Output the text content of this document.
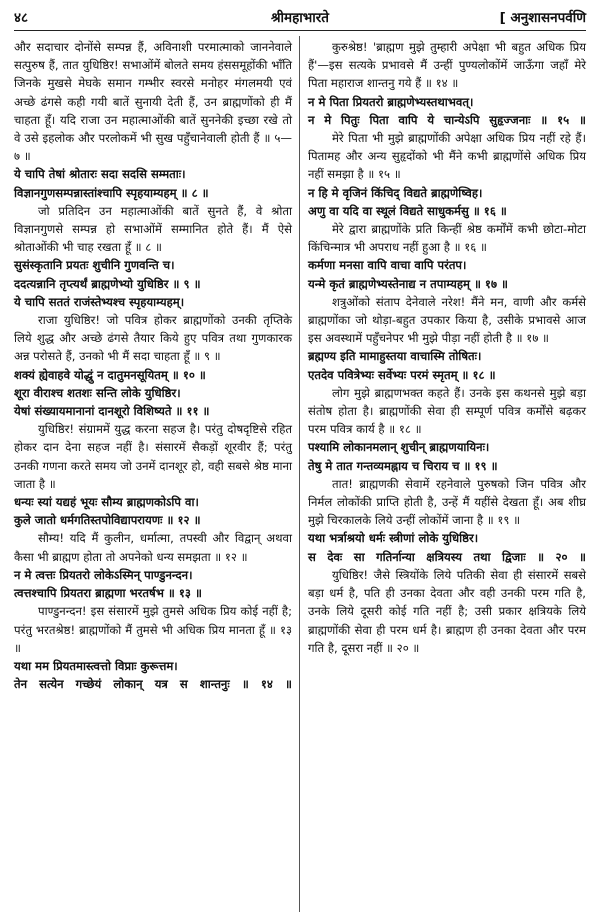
४८	श्रीमहाभारते	[ अनुशासनपर्वणि

और सदाचार दोनोंसे सम्पन्न हैं, अविनाशी परमात्माको जाननेवाले सत्पुरुष हैं, तात युधिष्ठिर! सभाओंमें बोलते समय हंससमूहोंकी भाँति जिनके मुखसे मेघके समान गम्भीर स्वरसे मनोहर मंगलमयी एवं अच्छे ढंगसे कही गयी बातें सुनायी देती हैं, उन ब्राह्मणोंको ही मैं चाहता हूँ। यदि राजा उन महात्माओंकी बातें सुननेकी इच्छा रखे तो वे उसे इहलोक और परलोकमें भी सुख पहुँचानेवाली होती हैं ॥ ५—७ ॥

ये चापि तेषां श्रोतारः सदा सदसि सम्मताः।

विज्ञानगुणसम्पन्नास्तांश्चापि स्पृहयाम्यहम् ॥ ८ ॥

जो प्रतिदिन उन महात्माओंकी बातें सुनते हैं, वे श्रोता विज्ञानगुणसे सम्पन्न हो सभाओंमें सम्मानित होते हैं। मैं ऐसे श्रोताओंकी भी चाह रखता हूँ ॥ ८ ॥

सुसंस्कृतानि प्रयतः शुचीनि गुणवन्ति च।

ददत्यन्नानि तृप्त्यर्थं ब्राह्मणेभ्यो युधिष्ठिर ॥ ९ ॥

ये चापि सततं राजंस्तेभ्यश्च स्पृहयाम्यहम्।

राजा युधिष्ठिर! जो पवित्र होकर ब्राह्मणोंको उनकी तृप्तिके लिये शुद्ध और अच्छे ढंगसे तैयार किये हुए पवित्र तथा गुणकारक अन्न परोसते हैं, उनको भी मैं सदा चाहता हूँ ॥ ९ ॥

शक्यं ह्येवाहवे योद्धुं न दातुमनसूयितम् ॥ १० ॥

शूरा वीराश्च शतशः सन्ति लोके युधिष्ठिर।

येषां संख्यायमानानां दानशूरो विशिष्यते ॥ ११ ॥

युधिष्ठिर! संग्राममें युद्ध करना सहज है। परंतु दोषदृष्टिसे रहित होकर दान देना सहज नहीं है। संसारमें सैकड़ों शूरवीर हैं; परंतु उनकी गणना करते समय जो उनमें दानशूर हो, वही सबसे श्रेष्ठ माना जाता है ॥

धन्यः स्यां यद्यहं भूयः सौम्य ब्राह्मणकोऽपि वा।

कुले जातो धर्मगतिस्तपोविद्यापरायणः ॥ १२ ॥

सौम्य! यदि मैं कुलीन, धर्मात्मा, तपस्वी और विद्वान् अथवा कैसा भी ब्राह्मण होता तो अपनेको धन्य समझता ॥ १२ ॥

न मे त्वत्तः प्रियतरो लोकेऽस्मिन् पाण्डुनन्दन।

त्वत्तश्चापि प्रियतरा ब्राह्मणा भरतर्षभ ॥ १३ ॥

पाण्डुनन्दन! इस संसारमें मुझे तुमसे अधिक प्रिय कोई नहीं है; परंतु भरतश्रेष्ठ! ब्राह्मणोंको मैं तुमसे भी अधिक प्रिय मानता हूँ ॥ १३ ॥

यथा मम प्रियतमास्त्वत्तो विप्राः कुरूत्तम।

तेन सत्येन गच्छेयं लोकान् यत्र स शान्तनुः ॥ १४ ॥

कुरुश्रेष्ठ! 'ब्राह्मण मुझे तुम्हारी अपेक्षा भी बहुत अधिक प्रिय हैं'—इस सत्यके प्रभावसे मैं उन्हीं पुण्यलोकोंमें जाऊँगा जहाँ मेरे पिता महाराज शान्तनु गये हैं ॥ १४ ॥

न मे पिता प्रियतरो ब्राह्मणेभ्यस्तथाभवत्।

न मे पितुः पिता वापि ये चान्येऽपि सुहृज्जनाः ॥ १५ ॥

मेरे पिता भी मुझे ब्राह्मणोंकी अपेक्षा अधिक प्रिय नहीं रहे हैं। पितामह और अन्य सुहृदोंको भी मैंने कभी ब्राह्मणोंसे अधिक प्रिय नहीं समझा है ॥ १५ ॥

न हि मे वृजिनं किंचिद् विद्यते ब्राह्मणेष्विह।

अणु वा यदि वा स्थूलं विद्यते साधुकर्मसु ॥ १६ ॥

मेरे द्वारा ब्राह्मणोंके प्रति किन्हीं श्रेष्ठ कर्मोंमें कभी छोटा-मोटा किंचिन्मात्र भी अपराध नहीं हुआ है ॥ १६ ॥

कर्मणा मनसा वापि वाचा वापि परंतप।

यन्मे कृतं ब्राह्मणेभ्यस्तेनाद्य न तपाम्यहम् ॥ १७ ॥

शत्रुओंको संताप देनेवाले नरेश! मैंने मन, वाणी और कर्मसे ब्राह्मणोंका जो थोड़ा-बहुत उपकार किया है, उसीके प्रभावसे आज इस अवस्थामें पहुँचनेपर भी मुझे पीड़ा नहीं होती है ॥ १७ ॥

ब्रह्मण्य इति मामाहुस्तया वाचास्मि तोषितः।

एतदेव पवित्रेभ्यः सर्वेभ्यः परमं स्मृतम् ॥ १८ ॥

लोग मुझे ब्राह्मणभक्त कहते हैं। उनके इस कथनसे मुझे बड़ा संतोष होता है। ब्राह्मणोंकी सेवा ही सम्पूर्ण पवित्र कर्मोंसे बढ़कर परम पवित्र कार्य है ॥ १८ ॥

पश्यामि लोकानमलान् शुचीन् ब्राह्मणयायिनः।

तेषु मे तात गन्तव्यमह्नाय च चिराय च ॥ १९ ॥

तात! ब्राह्मणकी सेवामें रहनेवाले पुरुषको जिन पवित्र और निर्मल लोकोंकी प्राप्ति होती है, उन्हें मैं यहींसे देखता हूँ। अब शीघ्र मुझे चिरकालके लिये उन्हीं लोकोंमें जाना है ॥ १९ ॥

यथा भर्त्राश्रयो धर्मः स्त्रीणां लोके युधिष्ठिर।

स देवः सा गतिर्नान्या क्षत्रियस्य तथा द्विजाः ॥ २० ॥

युधिष्ठिर! जैसे स्त्रियोंके लिये पतिकी सेवा ही संसारमें सबसे बड़ा धर्म है, पति ही उनका देवता और वही उनकी परम गति है, उनके लिये दूसरी कोई गति नहीं है; उसी प्रकार क्षत्रियके लिये ब्राह्मणोंकी सेवा ही परम धर्म है। ब्राह्मण ही उनका देवता और परम गति है, दूसरा नहीं ॥ २० ॥
